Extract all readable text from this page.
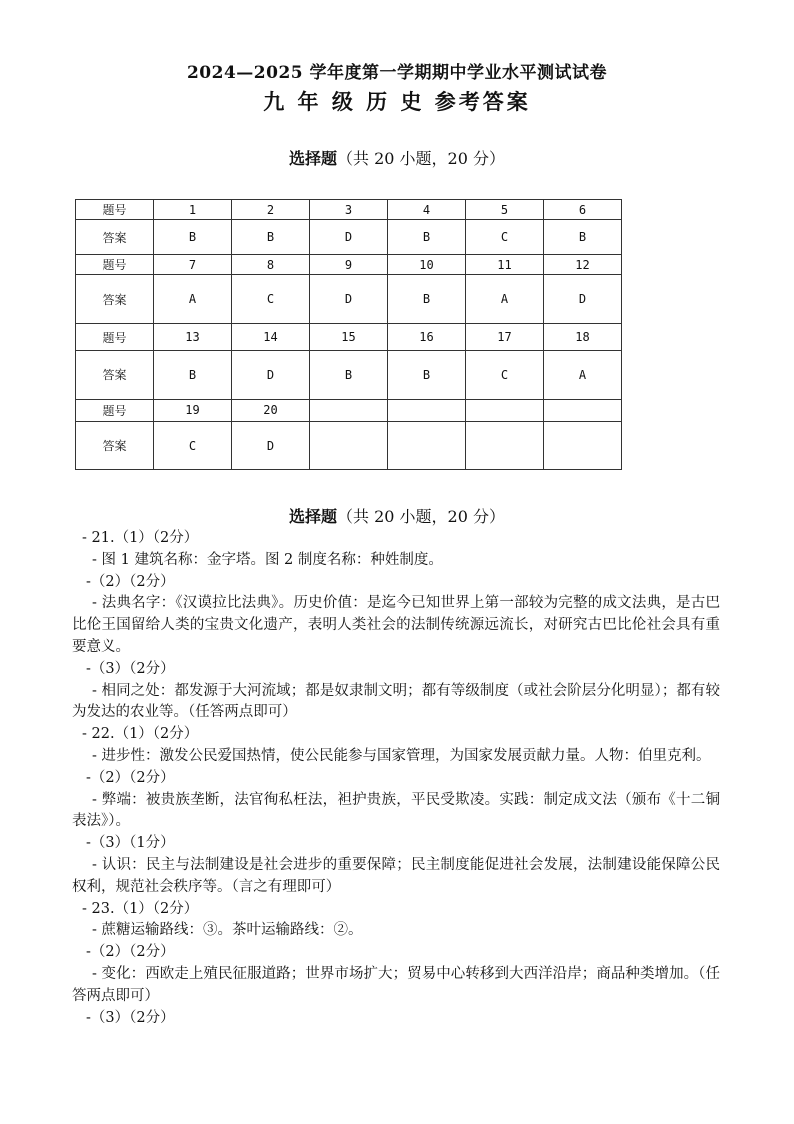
2024—2025 学年度第一学期期中学业水平测试试卷
九 年 级 历 史 参考答案
选择题（共 20 小题，20 分）
题号	1	2	3	4	5	6
答案	B	B	D	B	C	B
题号	7	8	9	10	11	12
答案	A	C	D	B	A	D
题号	13	14	15	16	17	18
答案	B	D	B	B	C	A
题号	19	20				
答案	C	D				
选择题（共 20 小题，20 分）
- 21.（1）（2分）
- 图 1 建筑名称：金字塔。图 2 制度名称：种姓制度。
-（2）（2分）
- 法典名字：《汉谟拉比法典》。历史价值：是迄今已知世界上第一部较为完整的成文法典，是古巴比伦王国留给人类的宝贵文化遗产，表明人类社会的法制传统源远流长，对研究古巴比伦社会具有重要意义。
-（3）（2分）
- 相同之处：都发源于大河流域；都是奴隶制文明；都有等级制度（或社会阶层分化明显）；都有较为发达的农业等。（任答两点即可）
- 22.（1）（2分）
- 进步性：激发公民爱国热情，使公民能参与国家管理，为国家发展贡献力量。人物：伯里克利。
-（2）（2分）
- 弊端：被贵族垄断，法官徇私枉法，袒护贵族，平民受欺凌。实践：制定成文法（颁布《十二铜表法》）。
-（3）（1分）
- 认识：民主与法制建设是社会进步的重要保障；民主制度能促进社会发展，法制建设能保障公民权利，规范社会秩序等。（言之有理即可）
- 23.（1）（2分）
- 蔗糖运输路线：③。茶叶运输路线：②。
-（2）（2分）
- 变化：西欧走上殖民征服道路；世界市场扩大；贸易中心转移到大西洋沿岸；商品种类增加。（任答两点即可）
-（3）（2分）
